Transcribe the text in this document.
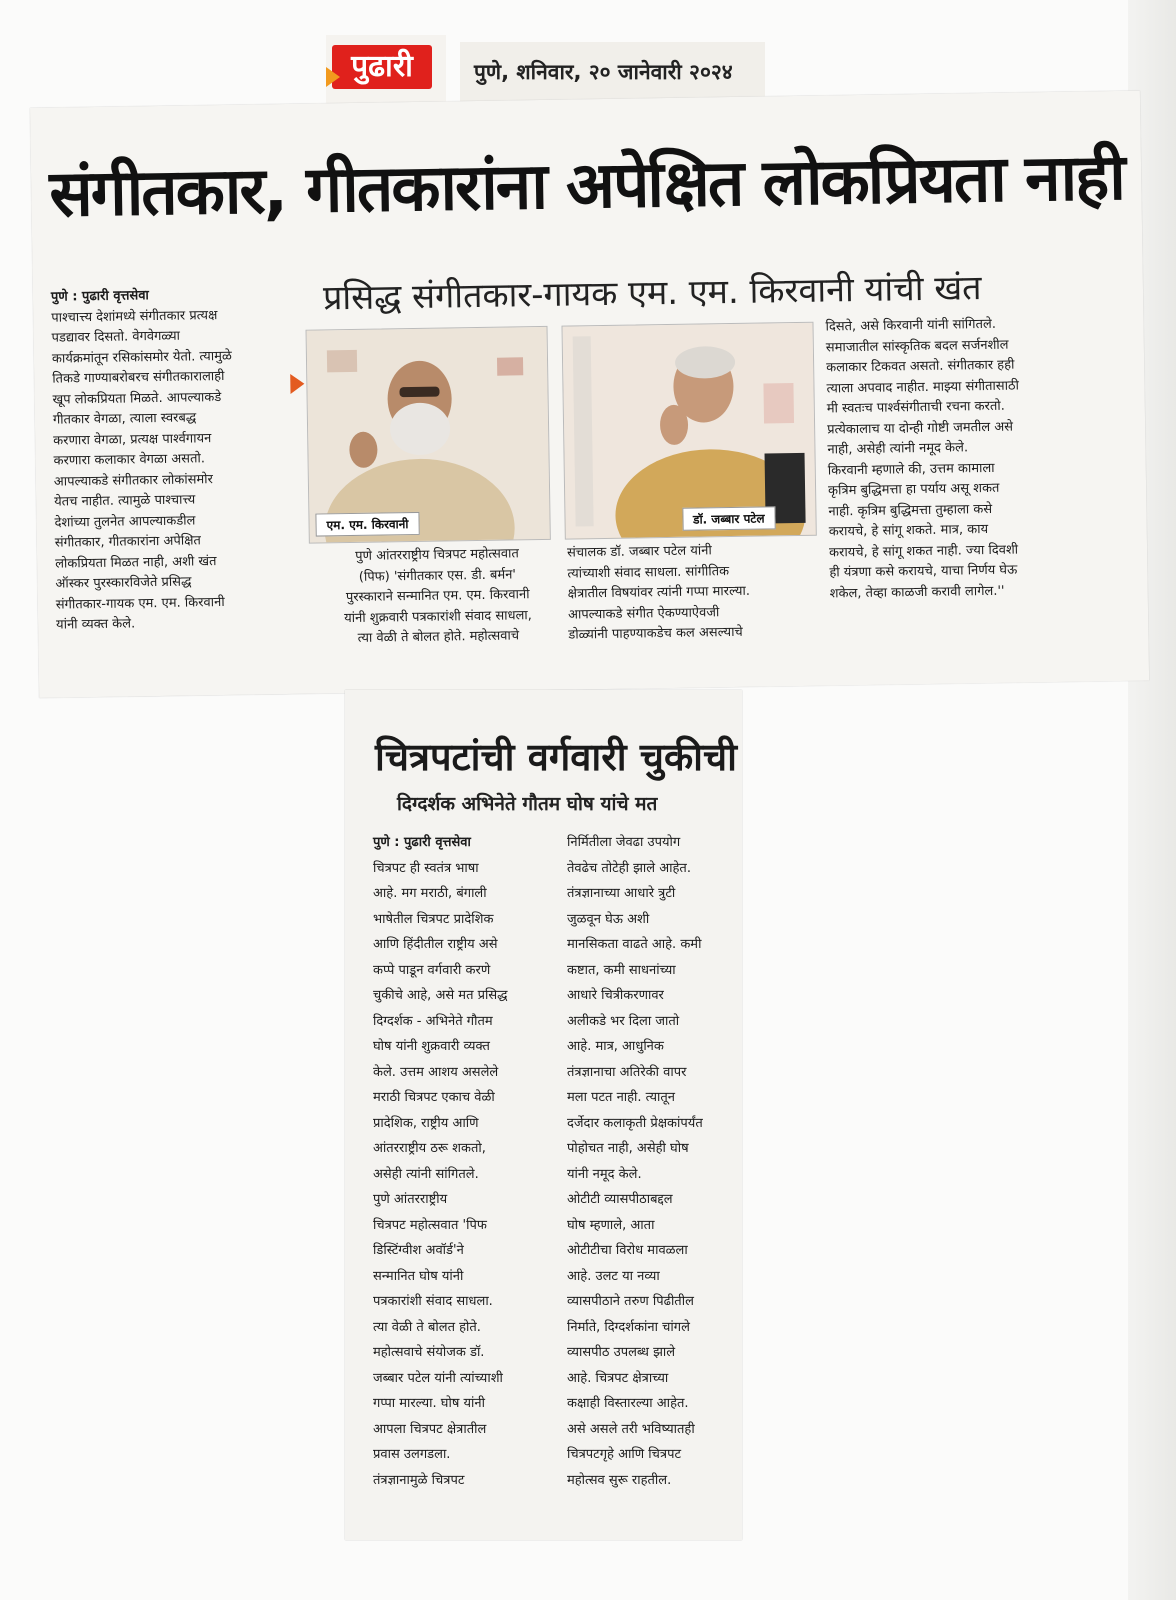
पुढारी	पुणे, शनिवार, २० जानेवारी २०२४
संगीतकार, गीतकारांना अपेक्षित लोकप्रियता नाही
प्रसिद्ध संगीतकार-गायक एम. एम. किरवानी यांची खंत

पुणे : पुढारी वृत्तसेवा

पाश्चात्त्य देशांमध्ये संगीतकार प्रत्यक्ष

पडद्यावर दिसतो. वेगवेगळ्या

कार्यक्रमांतून रसिकांसमोर येतो. त्यामुळे

तिकडे गाण्याबरोबरच संगीतकारालाही

खूप लोकप्रियता मिळते. आपल्याकडे

गीतकार वेगळा, त्याला स्वरबद्ध

करणारा वेगळा, प्रत्यक्ष पार्श्वगायन

करणारा कलाकार वेगळा असतो.

आपल्याकडे संगीतकार लोकांसमोर

येतच नाहीत. त्यामुळे पाश्चात्त्य

देशांच्या तुलनेत आपल्याकडील

संगीतकार, गीतकारांना अपेक्षित

लोकप्रियता मिळत नाही, अशी खंत

ऑस्कर पुरस्कारविजेते प्रसिद्ध

संगीतकार-गायक एम. एम. किरवानी

यांनी व्यक्त केले.

एम. एम. किरवानी	डॉ. जब्बार पटेल

पुणे आंतरराष्ट्रीय चित्रपट महोत्सवात

(पिफ) 'संगीतकार एस. डी. बर्मन'

पुरस्काराने सन्मानित एम. एम. किरवानी

यांनी शुक्रवारी पत्रकारांशी संवाद साधला,

त्या वेळी ते बोलत होते. महोत्सवाचे

संचालक डॉ. जब्बार पटेल यांनी

त्यांच्याशी संवाद साधला. सांगीतिक

क्षेत्रातील विषयांवर त्यांनी गप्पा मारल्या.

आपल्याकडे संगीत ऐकण्याऐवजी

डोळ्यांनी पाहण्याकडेच कल असल्याचे

दिसते, असे किरवानी यांनी सांगितले.

समाजातील सांस्कृतिक बदल सर्जनशील

कलाकार टिकवत असतो. संगीतकार हही

त्याला अपवाद नाहीत. माझ्या संगीतासाठी

मी स्वतःच पार्श्वसंगीताची रचना करतो.

प्रत्येकालाच या दोन्ही गोष्टी जमतील असे

नाही, असेही त्यांनी नमूद केले.

किरवानी म्हणाले की, उत्तम कामाला

कृत्रिम बुद्धिमत्ता हा पर्याय असू शकत

नाही. कृत्रिम बुद्धिमत्ता तुम्हाला कसे

करायचे, हे सांगू शकते. मात्र, काय

करायचे, हे सांगू शकत नाही. ज्या दिवशी

ही यंत्रणा कसे करायचे, याचा निर्णय घेऊ

शकेल, तेव्हा काळजी करावी लागेल.''

चित्रपटांची वर्गवारी चुकीची
दिग्दर्शक अभिनेते गौतम घोष यांचे मत

पुणे : पुढारी वृत्तसेवा

चित्रपट ही स्वतंत्र भाषा

आहे. मग मराठी, बंगाली

भाषेतील चित्रपट प्रादेशिक

आणि हिंदीतील राष्ट्रीय असे

कप्पे पाडून वर्गवारी करणे

चुकीचे आहे, असे मत प्रसिद्ध

दिग्दर्शक - अभिनेते गौतम

घोष यांनी शुक्रवारी व्यक्त

केले. उत्तम आशय असलेले

मराठी चित्रपट एकाच वेळी

प्रादेशिक, राष्ट्रीय आणि

आंतरराष्ट्रीय ठरू शकतो,

असेही त्यांनी सांगितले.

पुणे आंतरराष्ट्रीय

चित्रपट महोत्सवात 'पिफ

डिस्टिंग्वीश अवॉर्ड'ने

सन्मानित घोष यांनी

पत्रकारांशी संवाद साधला.

त्या वेळी ते बोलत होते.

महोत्सवाचे संयोजक डॉ.

जब्बार पटेल यांनी त्यांच्याशी

गप्पा मारल्या. घोष यांनी

आपला चित्रपट क्षेत्रातील

प्रवास उलगडला.

तंत्रज्ञानामुळे चित्रपट

निर्मितीला जेवढा उपयोग

तेवढेच तोटेही झाले आहेत.

तंत्रज्ञानाच्या आधारे त्रुटी

जुळवून घेऊ अशी

मानसिकता वाढते आहे. कमी

कष्टात, कमी साधनांच्या

आधारे चित्रीकरणावर

अलीकडे भर दिला जातो

आहे. मात्र, आधुनिक

तंत्रज्ञानाचा अतिरेकी वापर

मला पटत नाही. त्यातून

दर्जेदार कलाकृती प्रेक्षकांपर्यंत

पोहोचत नाही, असेही घोष

यांनी नमूद केले.

ओटीटी व्यासपीठाबद्दल

घोष म्हणाले, आता

ओटीटीचा विरोध मावळला

आहे. उलट या नव्या

व्यासपीठाने तरुण पिढीतील

निर्माते, दिग्दर्शकांना चांगले

व्यासपीठ उपलब्ध झाले

आहे. चित्रपट क्षेत्राच्या

कक्षाही विस्तारल्या आहेत.

असे असले तरी भविष्यातही

चित्रपटगृहे आणि चित्रपट

महोत्सव सुरू राहतील.
